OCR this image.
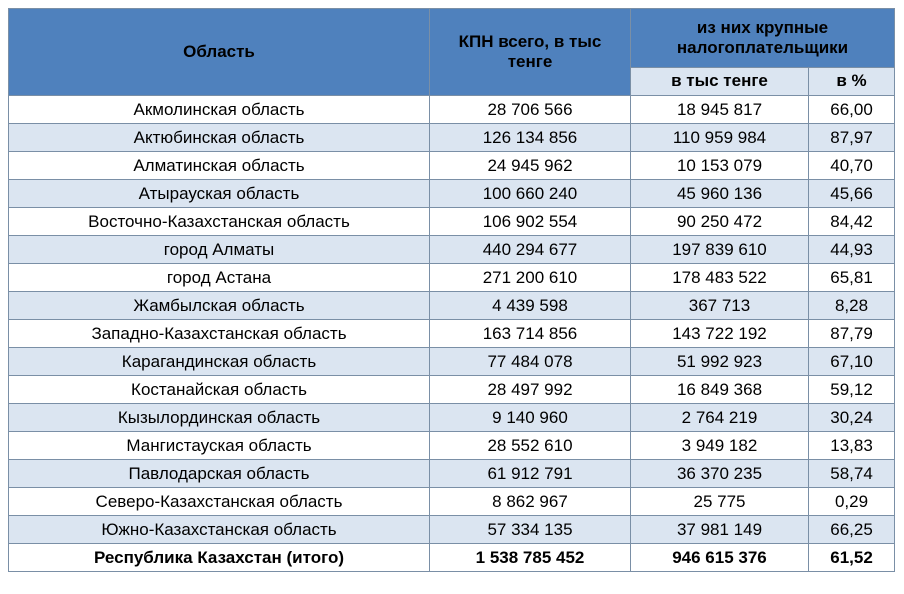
Область	КПН всего, в тыс тенге	из них крупные налогоплательщики	
		в тыс тенге	в %
Акмолинская область	28 706 566	18 945 817	66,00
Актюбинская область	126 134 856	110 959 984	87,97
Алматинская область	24 945 962	10 153 079	40,70
Атырауская область	100 660 240	45 960 136	45,66
Восточно-Казахстанская область	106 902 554	90 250 472	84,42
город Алматы	440 294 677	197 839 610	44,93
город Астана	271 200 610	178 483 522	65,81
Жамбылская область	4 439 598	367 713	8,28
Западно-Казахстанская область	163 714 856	143 722 192	87,79
Карагандинская область	77 484 078	51 992 923	67,10
Костанайская область	28 497 992	16 849 368	59,12
Кызылординская область	9 140 960	2 764 219	30,24
Мангистауская область	28 552 610	3 949 182	13,83
Павлодарская область	61 912 791	36 370 235	58,74
Северо-Казахстанская область	8 862 967	25 775	0,29
Южно-Казахстанская область	57 334 135	37 981 149	66,25
Республика Казахстан (итого)	1 538 785 452	946 615 376	61,52
